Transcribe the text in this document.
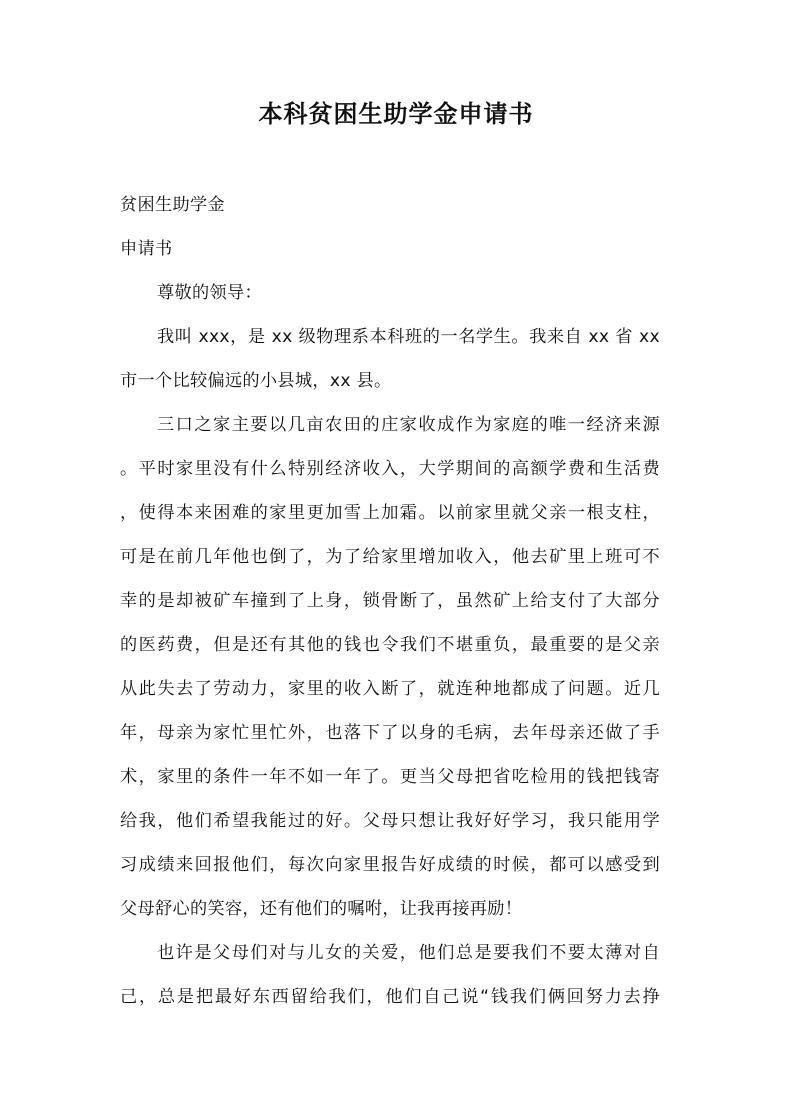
本科贫困生助学金申请书
贫困生助学金
申请书
尊敬的领导：
我叫 xxx，是 xx 级物理系本科班的一名学生。我来自 xx 省 xx
市一个比较偏远的小县城，xx 县。
三口之家主要以几亩农田的庄家收成作为家庭的唯一经济来源
。平时家里没有什么特别经济收入，大学期间的高额学费和生活费
，使得本来困难的家里更加雪上加霜。以前家里就父亲一根支柱，
可是在前几年他也倒了，为了给家里增加收入，他去矿里上班可不
幸的是却被矿车撞到了上身，锁骨断了，虽然矿上给支付了大部分
的医药费，但是还有其他的钱也令我们不堪重负，最重要的是父亲
从此失去了劳动力，家里的收入断了，就连种地都成了问题。近几
年，母亲为家忙里忙外，也落下了以身的毛病，去年母亲还做了手
术，家里的条件一年不如一年了。更当父母把省吃检用的钱把钱寄
给我，他们希望我能过的好。父母只想让我好好学习，我只能用学
习成绩来回报他们，每次向家里报告好成绩的时候，都可以感受到
父母舒心的笑容，还有他们的嘱咐，让我再接再励！
也许是父母们对与儿女的关爱，他们总是要我们不要太薄对自
己，总是把最好东西留给我们，他们自己说“钱我们俩回努力去挣
